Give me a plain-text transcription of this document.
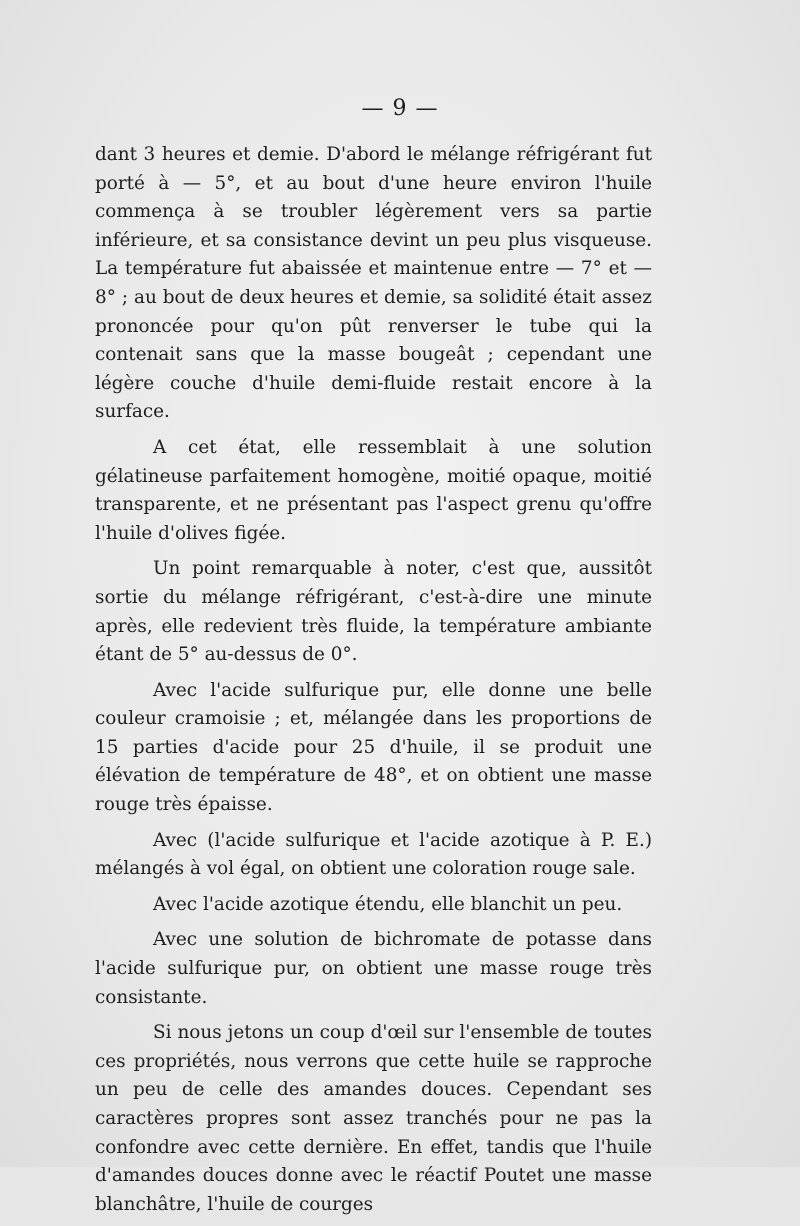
— 9 —

dant 3 heures et demie. D'abord le mélange réfrigérant fut porté à — 5°, et au bout d'une heure environ l'huile commença à se troubler légèrement vers sa partie inférieure, et sa consistance devint un peu plus visqueuse. La température fut abaissée et maintenue entre — 7° et — 8° ; au bout de deux heures et demie, sa solidité était assez prononcée pour qu'on pût renverser le tube qui la contenait sans que la masse bougeât ; cependant une légère couche d'huile demi-fluide restait encore à la surface.

A cet état, elle ressemblait à une solution gélatineuse parfaitement homogène, moitié opaque, moitié transparente, et ne présentant pas l'aspect grenu qu'offre l'huile d'olives figée.

Un point remarquable à noter, c'est que, aussitôt sortie du mélange réfrigérant, c'est-à-dire une minute après, elle redevient très fluide, la température ambiante étant de 5° au-dessus de 0°.

Avec l'acide sulfurique pur, elle donne une belle couleur cramoisie ; et, mélangée dans les proportions de 15 parties d'acide pour 25 d'huile, il se produit une élévation de température de 48°, et on obtient une masse rouge très épaisse.

Avec (l'acide sulfurique et l'acide azotique à P. E.) mélangés à vol égal, on obtient une coloration rouge sale.

Avec l'acide azotique étendu, elle blanchit un peu.

Avec une solution de bichromate de potasse dans l'acide sulfurique pur, on obtient une masse rouge très consistante.

Si nous jetons un coup d'œil sur l'ensemble de toutes ces propriétés, nous verrons que cette huile se rapproche un peu de celle des amandes douces. Cependant ses caractères propres sont assez tranchés pour ne pas la confondre avec cette dernière. En effet, tandis que l'huile d'amandes douces donne avec le réactif Poutet une masse blanchâtre, l'huile de courges
